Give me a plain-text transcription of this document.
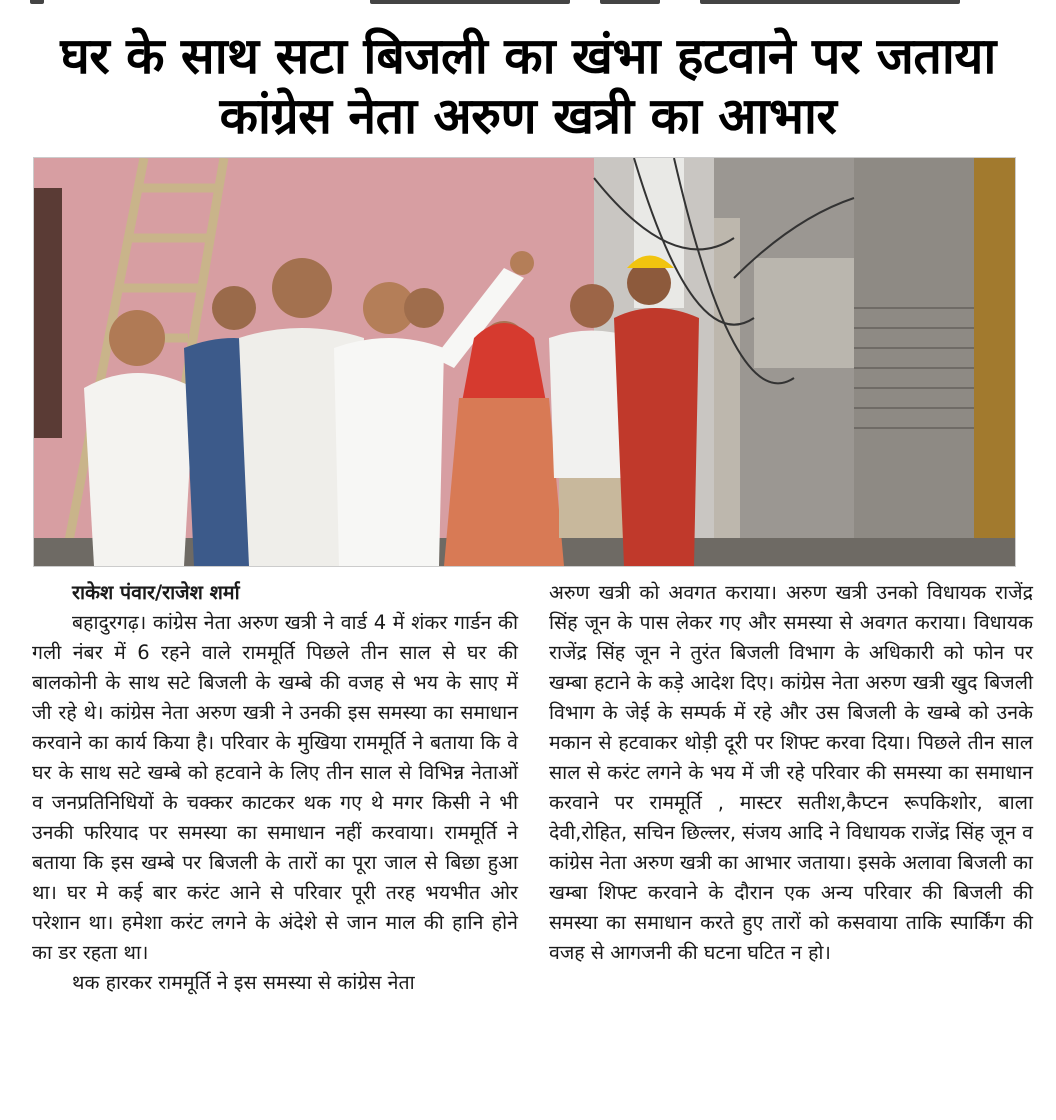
घर के साथ सटा बिजली का खंभा हटवाने पर जताया
कांग्रेस नेता अरुण खत्री का आभार

राकेश पंवार/राजेश शर्मा

बहादुरगढ़। कांग्रेस नेता अरुण खत्री ने वार्ड 4 में शंकर गार्डन की गली नंबर में 6 रहने वाले राममूर्ति पिछले तीन साल से घर की बालकोनी के साथ सटे बिजली के खम्बे की वजह से भय के साए में जी रहे थे। कांग्रेस नेता अरुण खत्री ने उनकी इस समस्या का समाधान करवाने का कार्य किया है। परिवार के मुखिया राममूर्ति ने बताया कि वे घर के साथ सटे खम्बे को हटवाने के लिए तीन साल से विभिन्न नेताओं व जनप्रतिनिधियों के चक्कर काटकर थक गए थे मगर किसी ने भी उनकी फरियाद पर समस्या का समाधान नहीं करवाया। राममूर्ति ने बताया कि इस खम्बे पर बिजली के तारों का पूरा जाल से बिछा हुआ था। घर मे कई बार करंट आने से परिवार पूरी तरह भयभीत ओर परेशान था। हमेशा करंट लगने के अंदेशे से जान माल की हानि होने का डर रहता था।

थक हारकर राममूर्ति ने इस समस्या से कांग्रेस नेता

अरुण खत्री को अवगत कराया। अरुण खत्री उनको विधायक राजेंद्र सिंह जून के पास लेकर गए और समस्या से अवगत कराया। विधायक राजेंद्र सिंह जून ने तुरंत बिजली विभाग के अधिकारी को फोन पर खम्बा हटाने के कड़े आदेश दिए। कांग्रेस नेता अरुण खत्री खुद बिजली विभाग के जेई के सम्पर्क में रहे और उस बिजली के खम्बे को उनके मकान से हटवाकर थोड़ी दूरी पर शिफ्ट करवा दिया। पिछले तीन साल साल से करंट लगने के भय में जी रहे परिवार की समस्या का समाधान करवाने पर राममूर्ति , मास्टर सतीश,कैप्टन रूपकिशोर, बाला देवी,रोहित, सचिन छिल्लर, संजय आदि ने विधायक राजेंद्र सिंह जून व कांग्रेस नेता अरुण खत्री का आभार जताया। इसके अलावा बिजली का खम्बा शिफ्ट करवाने के दौरान एक अन्य परिवार की बिजली की समस्या का समाधान करते हुए तारों को कसवाया ताकि स्पार्किंग की वजह से आगजनी की घटना घटित न हो।
